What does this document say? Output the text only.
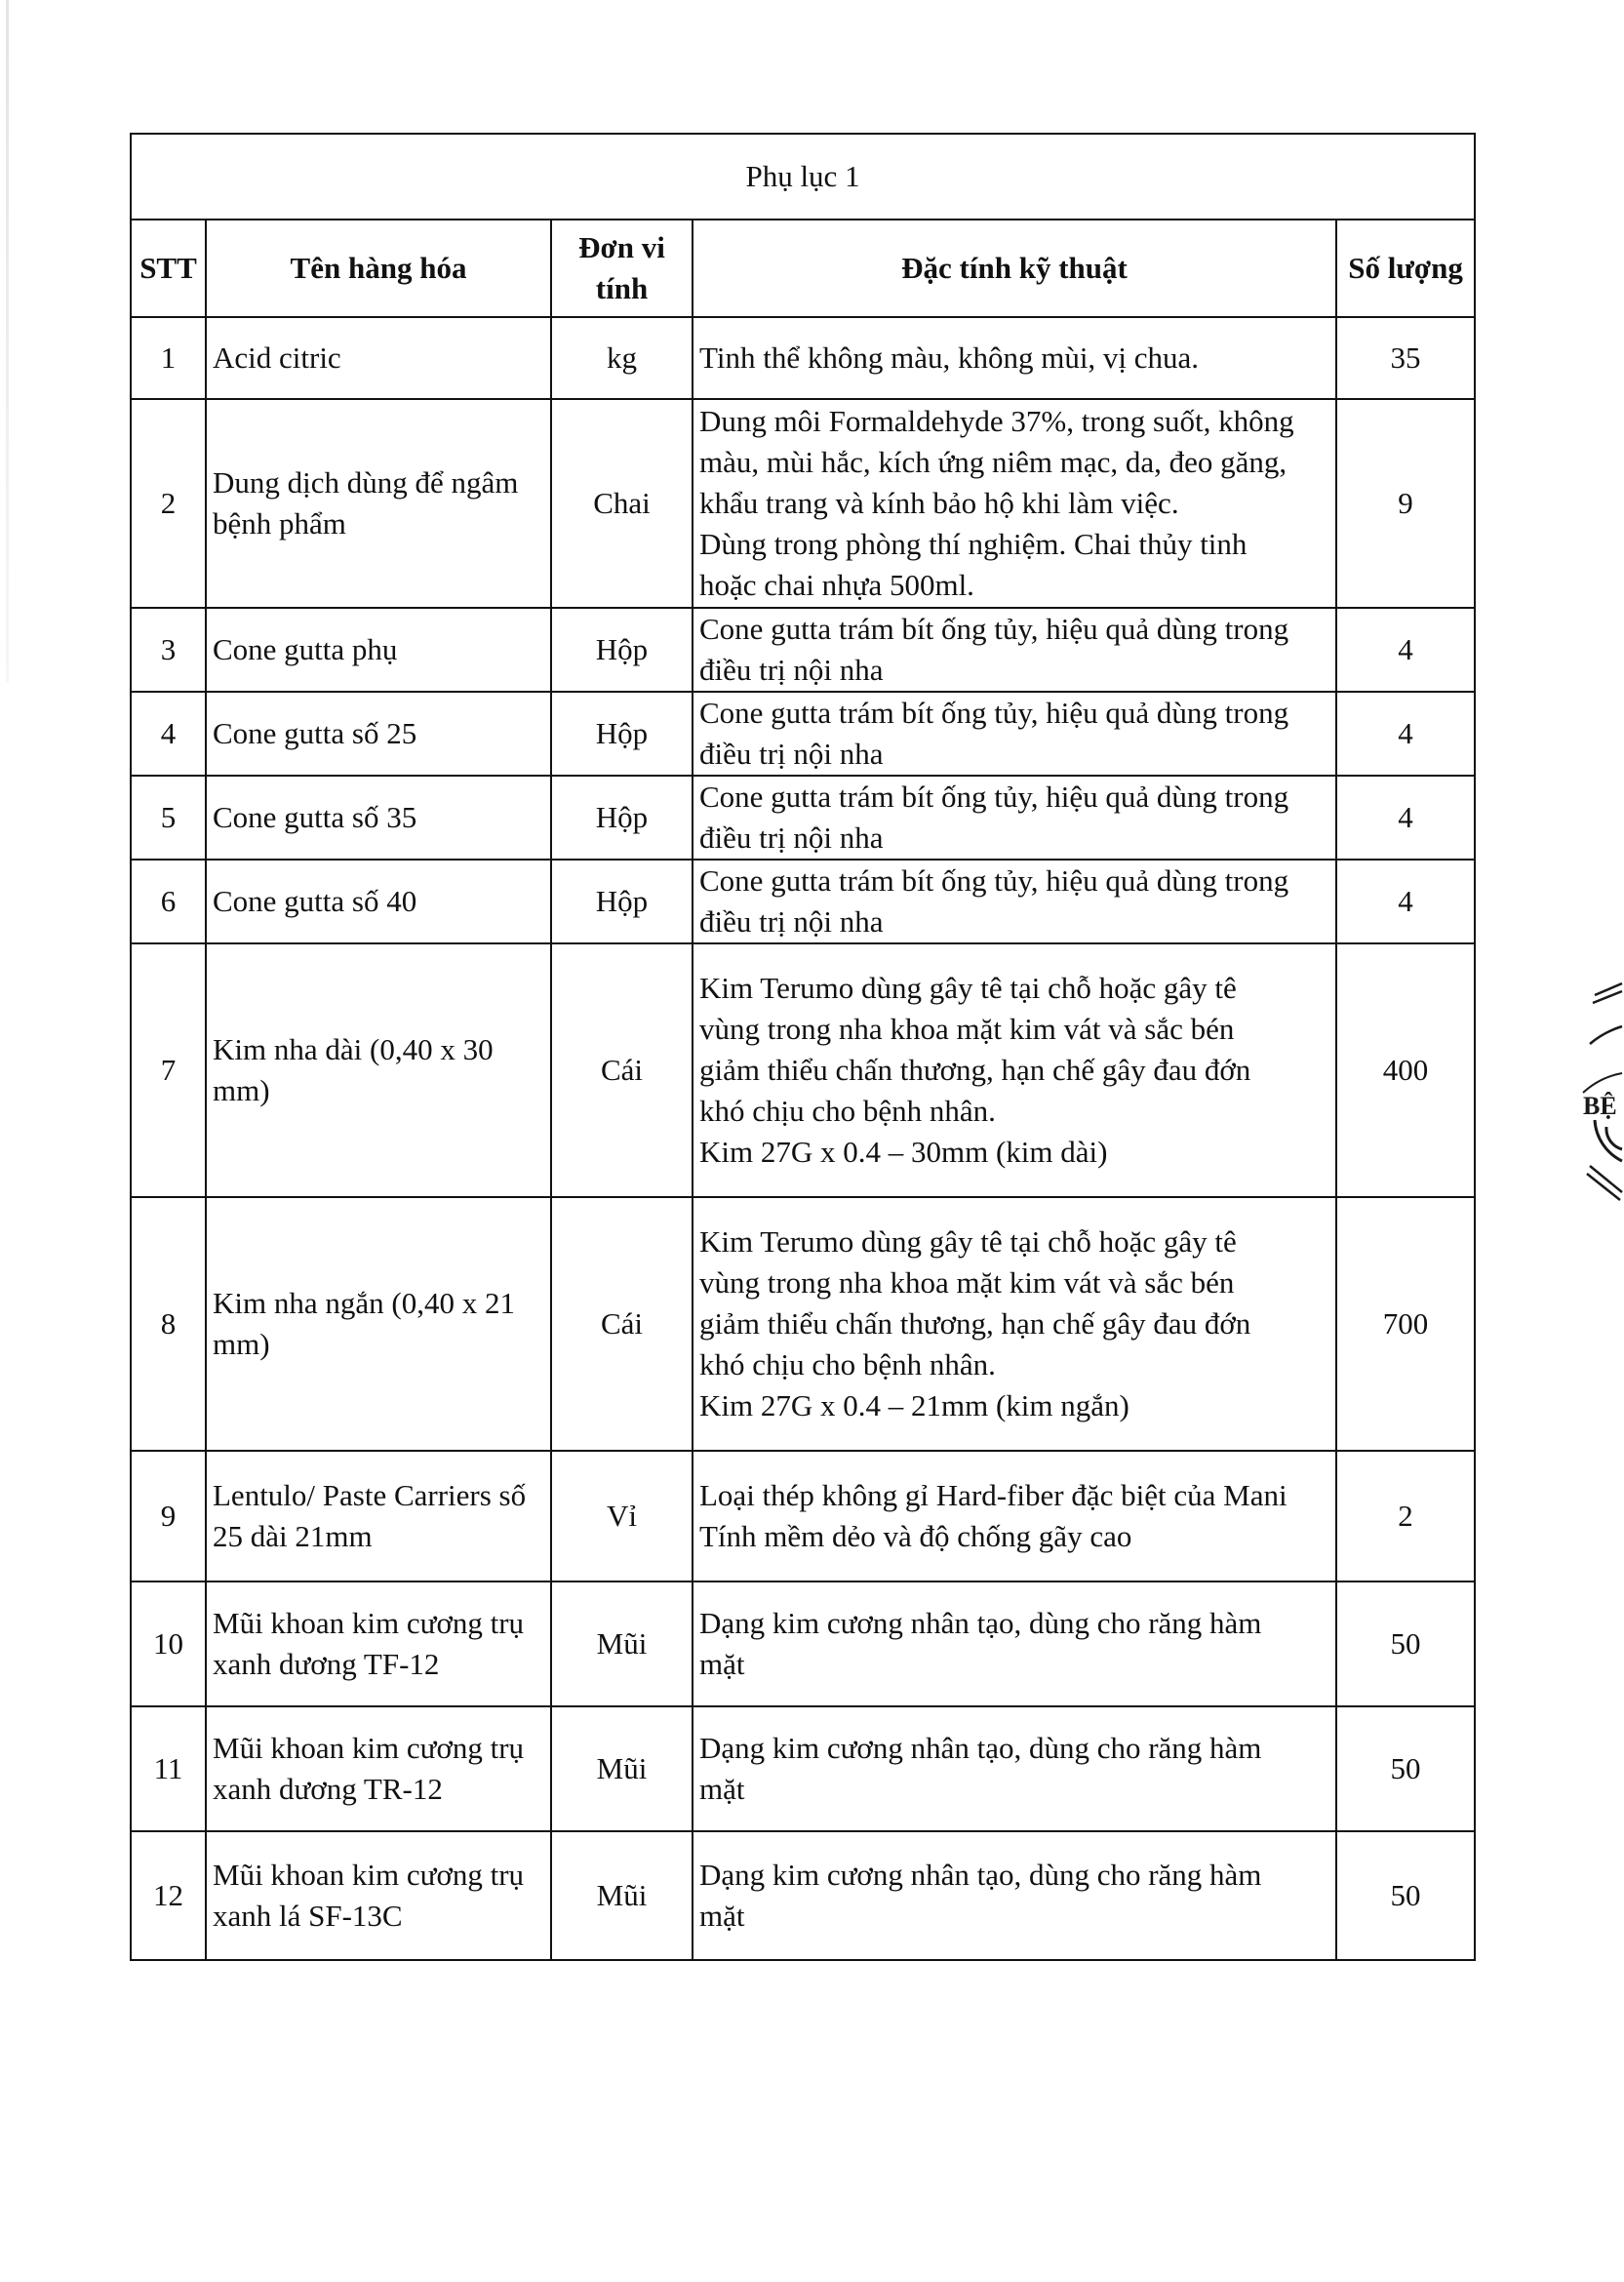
Phụ lục 1				
STT	Tên hàng hóa	Đơn vi
tính	Đặc tính kỹ thuật	Số lượng
1	Acid citric	kg	Tinh thể không màu, không mùi, vị chua.	35
2	Dung dịch dùng để ngâm
bệnh phẩm	Chai	Dung môi Formaldehyde 37%, trong suốt, không
màu, mùi hắc, kích ứng niêm mạc, da, đeo găng,
khẩu trang và kính bảo hộ khi làm việc.
Dùng trong phòng thí nghiệm. Chai thủy tinh
hoặc chai nhựa 500ml.	9
3	Cone gutta phụ	Hộp	Cone gutta trám bít ống tủy, hiệu quả dùng trong
điều trị nội nha	4
4	Cone gutta số 25	Hộp	Cone gutta trám bít ống tủy, hiệu quả dùng trong
điều trị nội nha	4
5	Cone gutta số 35	Hộp	Cone gutta trám bít ống tủy, hiệu quả dùng trong
điều trị nội nha	4
6	Cone gutta số 40	Hộp	Cone gutta trám bít ống tủy, hiệu quả dùng trong
điều trị nội nha	4
7	Kim nha dài (0,40 x 30
mm)	Cái	Kim Terumo dùng gây tê tại chỗ hoặc gây tê
vùng trong nha khoa mặt kim vát và sắc bén
giảm thiểu chấn thương, hạn chế gây đau đớn
khó chịu cho bệnh nhân.
Kim 27G x 0.4 – 30mm (kim dài)	400
8	Kim nha ngắn (0,40 x 21
mm)	Cái	Kim Terumo dùng gây tê tại chỗ hoặc gây tê
vùng trong nha khoa mặt kim vát và sắc bén
giảm thiểu chấn thương, hạn chế gây đau đớn
khó chịu cho bệnh nhân.
Kim 27G x 0.4 – 21mm (kim ngắn)	700
9	Lentulo/ Paste Carriers số
25 dài 21mm	Vỉ	Loại thép không gỉ Hard-fiber đặc biệt của Mani
Tính mềm dẻo và độ chống gãy cao	2
10	Mũi khoan kim cương trụ
xanh dương TF-12	Mũi	Dạng kim cương nhân tạo, dùng cho răng hàm
mặt	50
11	Mũi khoan kim cương trụ
xanh dương TR-12	Mũi	Dạng kim cương nhân tạo, dùng cho răng hàm
mặt	50
12	Mũi khoan kim cương trụ
xanh lá SF-13C	Mũi	Dạng kim cương nhân tạo, dùng cho răng hàm
mặt	50
BỆ
